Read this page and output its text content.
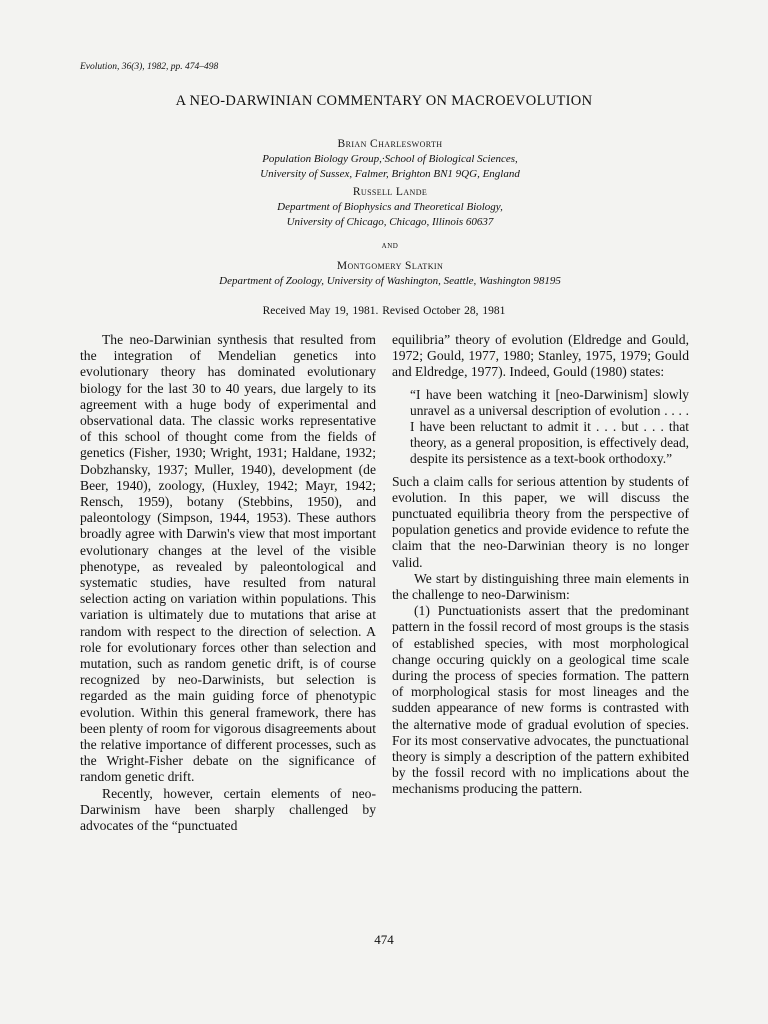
Evolution, 36(3), 1982, pp. 474–498
A NEO-DARWINIAN COMMENTARY ON MACROEVOLUTION
Brian Charlesworth
Population Biology Group,·School of Biological Sciences,
University of Sussex, Falmer, Brighton BN1 9QG, England
Russell Lande
Department of Biophysics and Theoretical Biology,
University of Chicago, Chicago, Illinois 60637
and
Montgomery Slatkin
Department of Zoology, University of Washington, Seattle, Washington 98195
Received May 19, 1981. Revised October 28, 1981

The neo-Darwinian synthesis that resulted from the integration of Mendelian genetics into evolutionary theory has dominated evolutionary biology for the last 30 to 40 years, due largely to its agreement with a huge body of experimental and observational data. The classic works representative of this school of thought come from the fields of genetics (Fisher, 1930; Wright, 1931; Haldane, 1932; Dobzhansky, 1937; Muller, 1940), development (de Beer, 1940), zoology, (Huxley, 1942; Mayr, 1942; Rensch, 1959), botany (Stebbins, 1950), and paleontology (Simpson, 1944, 1953). These authors broadly agree with Darwin's view that most important evolutionary changes at the level of the visible phenotype, as revealed by paleontological and systematic studies, have resulted from natural selection acting on variation within populations. This variation is ultimately due to mutations that arise at random with respect to the direction of selection. A role for evolutionary forces other than selection and mutation, such as random genetic drift, is of course recognized by neo-Darwinists, but selection is regarded as the main guiding force of phenotypic evolution. Within this general framework, there has been plenty of room for vigorous disagreements about the relative importance of different processes, such as the Wright-Fisher debate on the significance of random genetic drift.

Recently, however, certain elements of neo-Darwinism have been sharply challenged by advocates of the “punctuated

equilibria” theory of evolution (Eldredge and Gould, 1972; Gould, 1977, 1980; Stanley, 1975, 1979; Gould and Eldredge, 1977). Indeed, Gould (1980) states:

“I have been watching it [neo-Darwinism] slowly unravel as a universal description of evolution . . . . I have been reluctant to admit it . . . but . . . that theory, as a general proposition, is effectively dead, despite its persistence as a text-book orthodoxy.”

Such a claim calls for serious attention by students of evolution. In this paper, we will discuss the punctuated equilibria theory from the perspective of population genetics and provide evidence to refute the claim that the neo-Darwinian theory is no longer valid.

We start by distinguishing three main elements in the challenge to neo-Darwinism:

(1) Punctuationists assert that the predominant pattern in the fossil record of most groups is the stasis of established species, with most morphological change occuring quickly on a geological time scale during the process of species formation. The pattern of morphological stasis for most lineages and the sudden appearance of new forms is contrasted with the alternative mode of gradual evolution of species. For its most conservative advocates, the punctuational theory is simply a description of the pattern exhibited by the fossil record with no implications about the mechanisms producing the pattern.

474
